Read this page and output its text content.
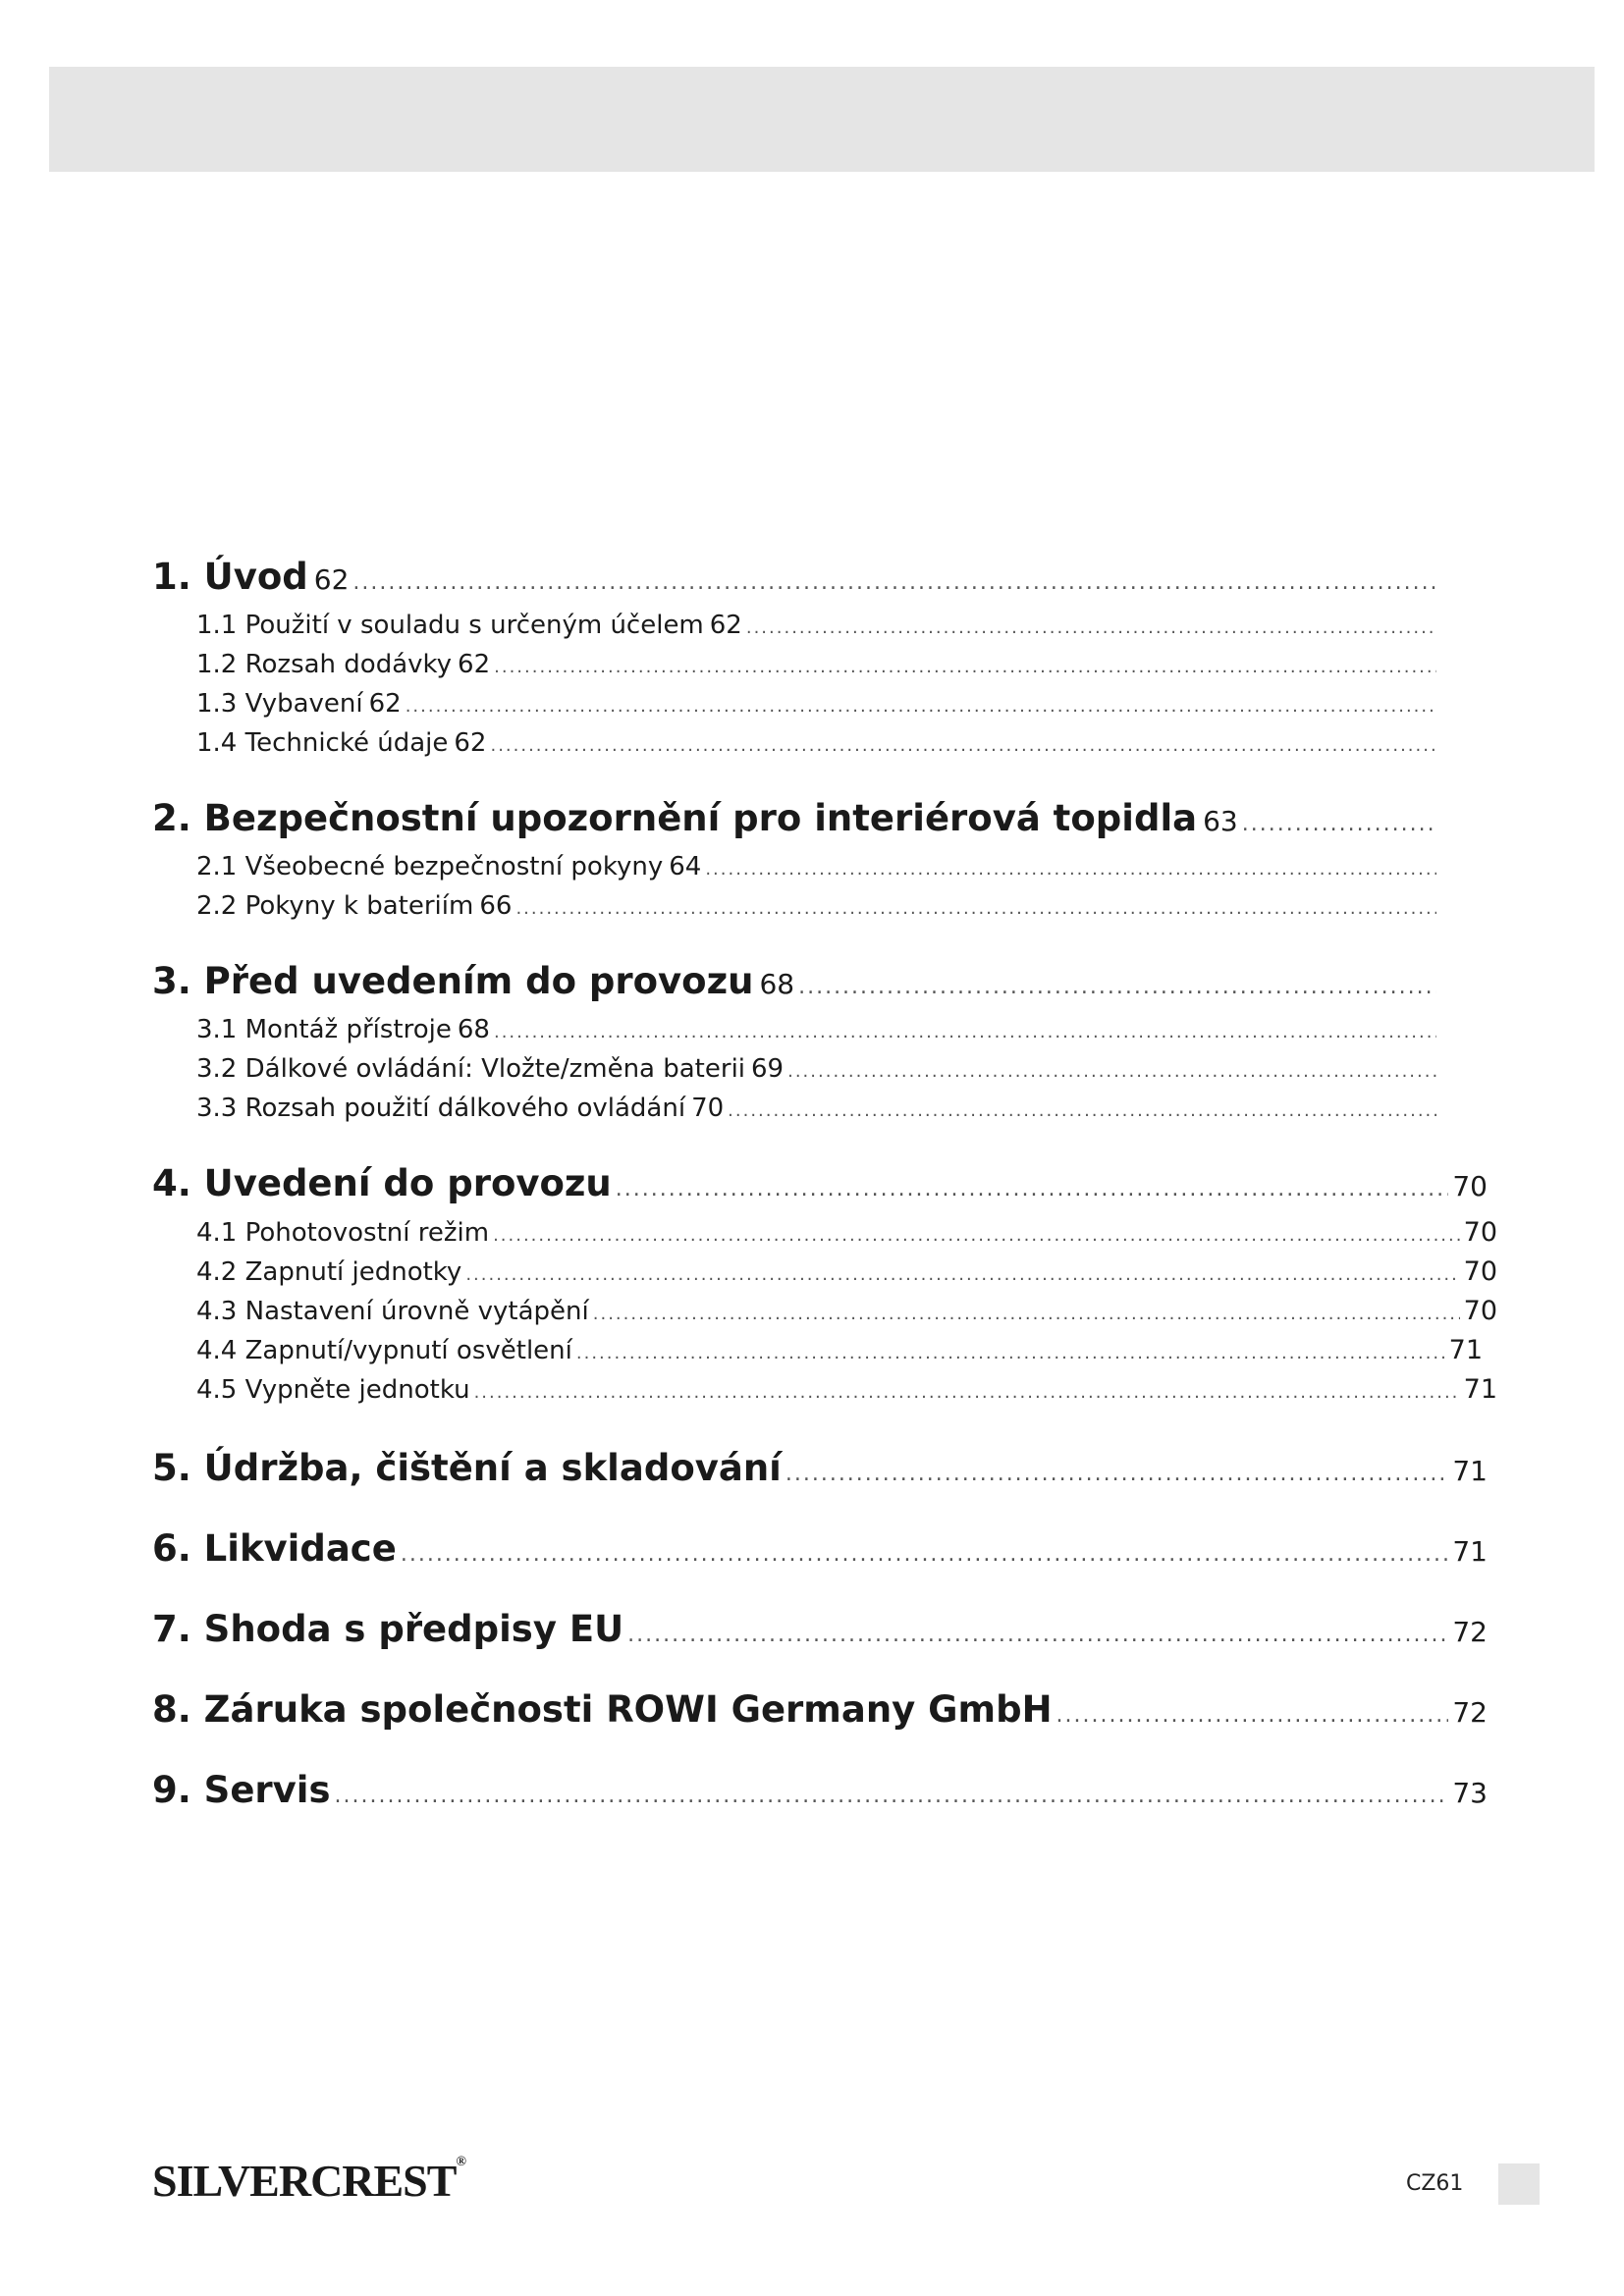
1. Úvod 62
.....
1.1 Použití v souladu s určeným účelem 62
.....
1.2 Rozsah dodávky 62
.....
1.3 Vybavení 62
.....
1.4 Technické údaje 62
.....
2. Bezpečnostní upozornění pro interiérová topidla 63
.....
2.1 Všeobecné bezpečnostní pokyny 64
.....
2.2 Pokyny k bateriím 66
.....
3. Před uvedením do provozu 68
.....
3.1 Montáž přístroje 68
.....
3.2 Dálkové ovládání: Vložte/změna baterii 69
.....
3.3 Rozsah použití dálkového ovládání 70
.....
4. Uvedení do provozu .....	70
4.1 Pohotovostní režim .....	70
4.2 Zapnutí jednotky .....	70
4.3 Nastavení úrovně vytápění .....	70
4.4 Zapnutí/vypnutí osvětlení .....	71
4.5 Vypněte jednotku .....	71
5. Údržba, čištění a skladování .....	71
6. Likvidace .....	71
7. Shoda s předpisy EU .....	72
8. Záruka společnosti ROWI Germany GmbH .....	72
9. Servis .....	73
SILVERCREST®
CZ61
